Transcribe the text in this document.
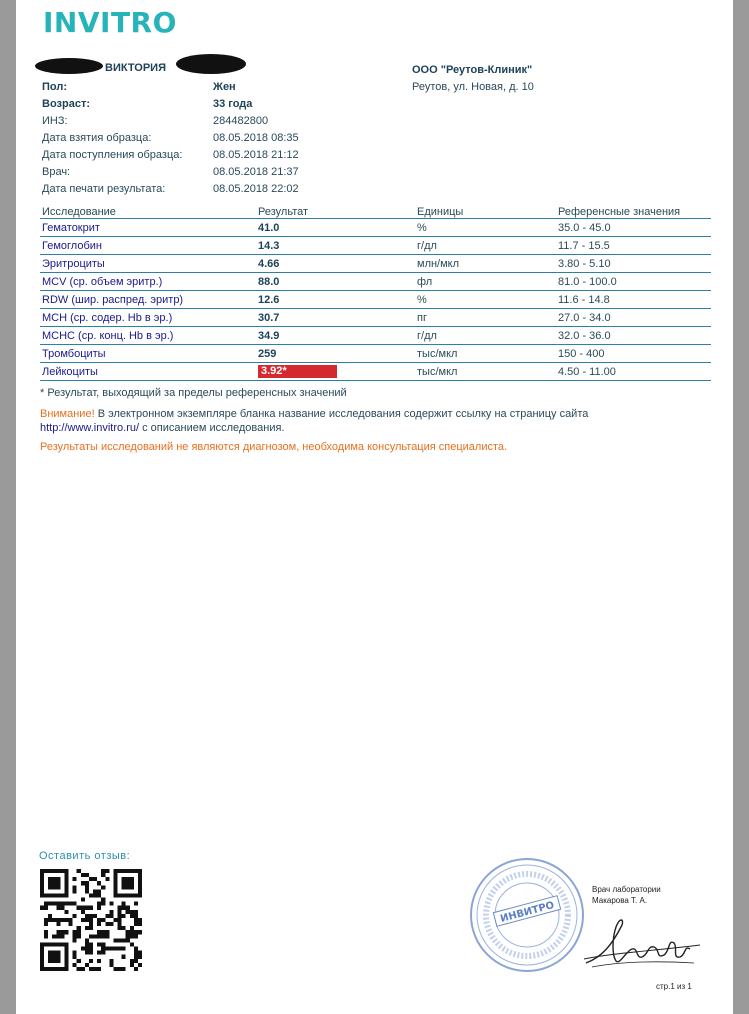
INVITRO
ВИКТОРИЯ
Пол:	Жен
Возраст:	33 года
ИНЗ:	284482800
Дата взятия образца:	08.05.2018 08:35
Дата поступления образца:	08.05.2018 21:12
Врач:	08.05.2018 21:37
Дата печати результата:	08.05.2018 22:02
ООО "Реутов-Клиник"
Реутов, ул. Новая, д. 10
Исследование	Результат	Единицы	Референсные значения
Гематокрит	41.0	%	35.0 - 45.0
Гемоглобин	14.3	г/дл	11.7 - 15.5
Эритроциты	4.66	млн/мкл	3.80 - 5.10
MCV (ср. объем эритр.)	88.0	фл	81.0 - 100.0
RDW (шир. распред. эритр)	12.6	%	11.6 - 14.8
MCH (ср. содер. Hb в эр.)	30.7	пг	27.0 - 34.0
MCHC (ср. конц. Hb в эр.)	34.9	г/дл	32.0 - 36.0
Тромбоциты	259	тыс/мкл	150 - 400
Лейкоциты	3.92*	тыс/мкл	4.50 - 11.00
* Результат, выходящий за пределы референсных значений
Внимание! В электронном экземпляре бланка название исследования содержит ссылку на страницу сайта
http://www.invitro.ru/ с описанием исследования.
Результаты исследований не являются диагнозом, необходима консультация специалиста.
Оставить отзыв:
ИНВИТРО
Врач лаборатории
Макарова Т. А.
стр.1 из 1
